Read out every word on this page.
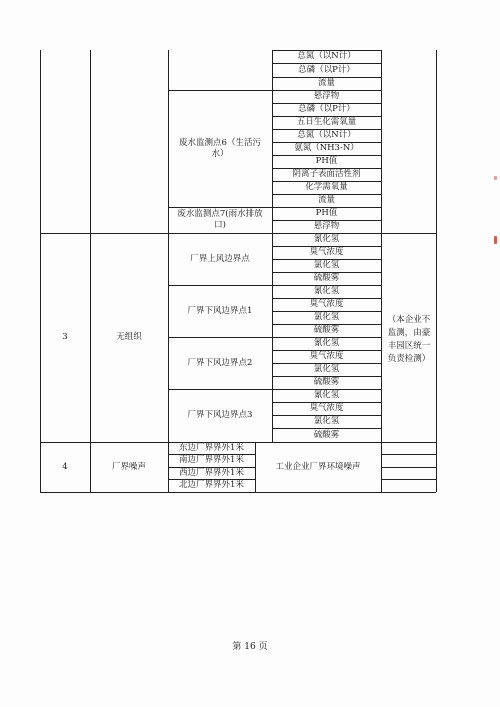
总氮（以N计）
总磷（以P计）
流量
废水监测点6（生活污水）
悬浮物
总磷（以P计）
五日生化需氧量
总氮（以N计）
氨氮（NH3-N）
PH值
阴离子表面活性剂
化学需氧量
流量
废水监测点7(雨水排放口)
PH值
悬浮物
3	无组织
厂界上风边界点
氰化氢
臭气浓度
氯化氢
硫酸雾
厂界下风边界点1
氰化氢
臭气浓度
氯化氢
硫酸雾
厂界下风边界点2
氰化氢
臭气浓度
氯化氢
硫酸雾
厂界下风边界点3
氰化氢
臭气浓度
氯化氢
硫酸雾
（本企业不监测，由豪丰园区统一负责检测）
4	厂界噪声
东边厂界界外1米
南边厂界界外1米
西边厂界界外1米
北边厂界界外1米
工业企业厂界环境噪声
第 16 页
